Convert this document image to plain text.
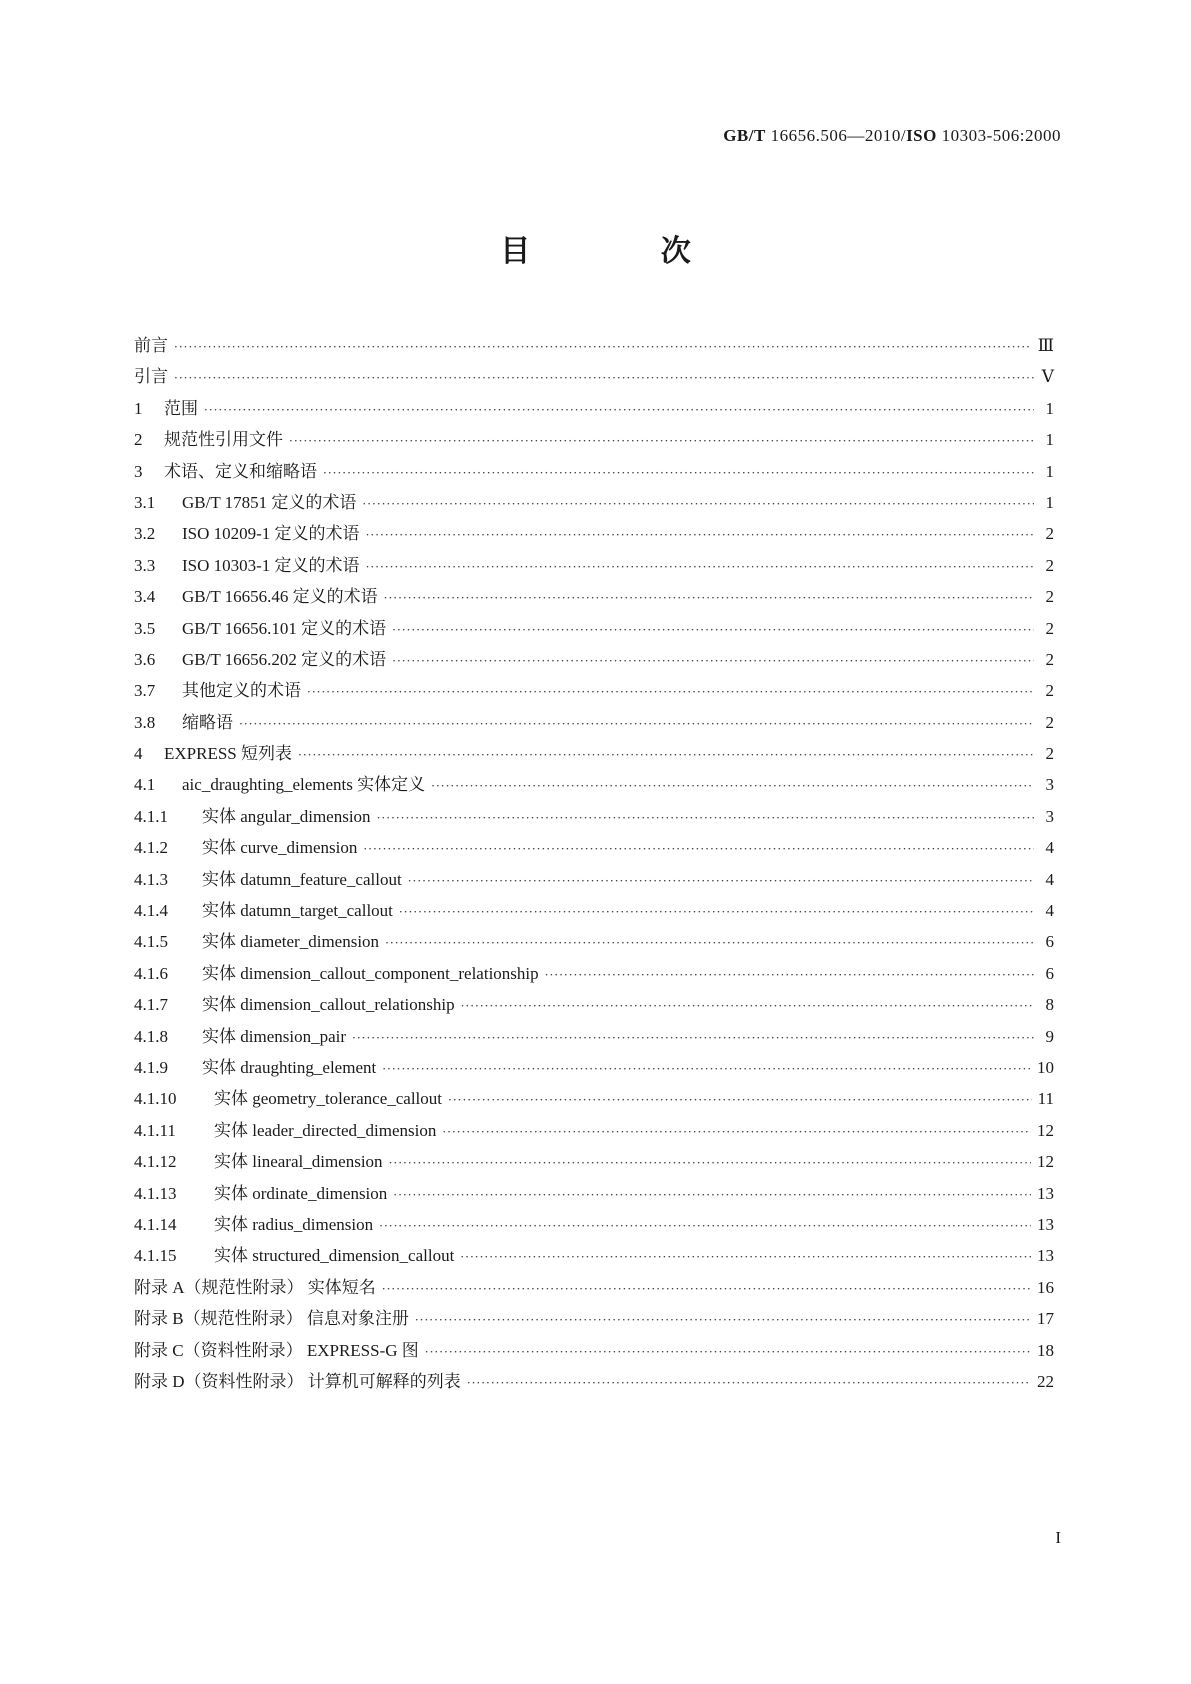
GB/T 16656.506—2010/ISO 10303-506:2000
目 次
前言 ·····	Ⅲ
引言 ·····	Ⅴ
1 范围 ·····	1
2 规范性引用文件 ·····	1
3 术语、定义和缩略语 ·····	1
3.1 GB/T 17851 定义的术语 ·····	1
3.2 ISO 10209-1 定义的术语 ·····	2
3.3 ISO 10303-1 定义的术语 ·····	2
3.4 GB/T 16656.46 定义的术语 ·····	2
3.5 GB/T 16656.101 定义的术语 ·····	2
3.6 GB/T 16656.202 定义的术语 ·····	2
3.7 其他定义的术语 ·····	2
3.8 缩略语 ·····	2
4 EXPRESS 短列表 ·····	2
4.1 aic_draughting_elements 实体定义 ·····	3
4.1.1 实体 angular_dimension ·····	3
4.1.2 实体 curve_dimension ·····	4
4.1.3 实体 datumn_feature_callout ·····	4
4.1.4 实体 datumn_target_callout ·····	4
4.1.5 实体 diameter_dimension ·····	6
4.1.6 实体 dimension_callout_component_relationship ·····	6
4.1.7 实体 dimension_callout_relationship ·····	8
4.1.8 实体 dimension_pair ·····	9
4.1.9 实体 draughting_element ·····	10
4.1.10 实体 geometry_tolerance_callout ·····	11
4.1.11 实体 leader_directed_dimension ·····	12
4.1.12 实体 linearal_dimension ·····	12
4.1.13 实体 ordinate_dimension ·····	13
4.1.14 实体 radius_dimension ·····	13
4.1.15 实体 structured_dimension_callout ·····	13
附录 A（规范性附录） 实体短名 ·····	16
附录 B（规范性附录） 信息对象注册 ·····	17
附录 C（资料性附录） EXPRESS-G 图 ·····	18
附录 D（资料性附录） 计算机可解释的列表 ·····	22
I
